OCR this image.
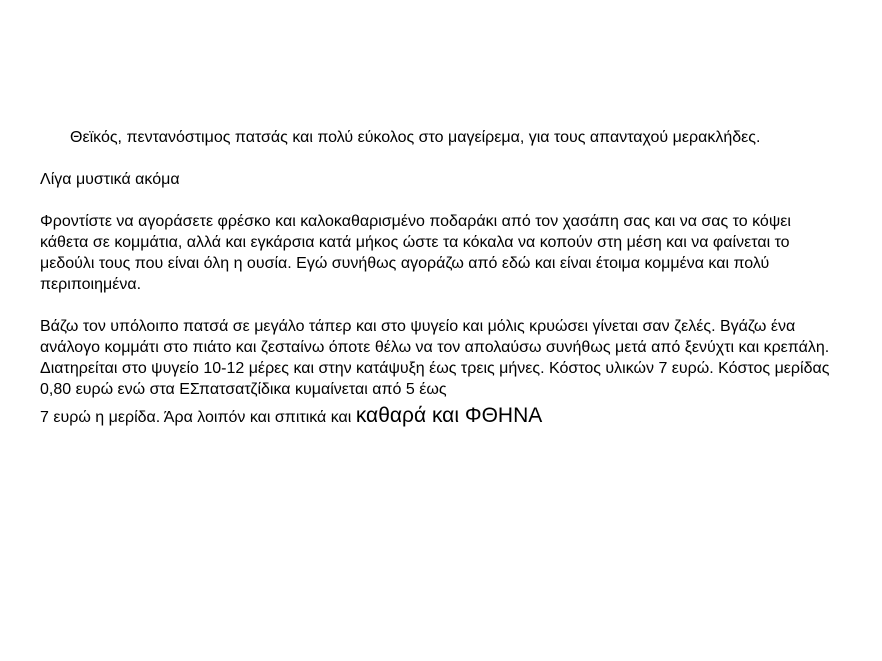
Θεϊκός, πεντανόστιμος πατσάς και πολύ εύκολος στο μαγείρεμα, για τους απανταχού μερακλήδες.

Λίγα μυστικά ακόμα

Φροντίστε να αγοράσετε φρέσκο και καλοκαθαρισμένο ποδαράκι από τον χασάπη σας και να σας το κόψει κάθετα σε κομμάτια, αλλά και εγκάρσια κατά μήκος ώστε τα κόκαλα να κοπούν στη μέση και να φαίνεται το μεδούλι τους που είναι όλη η ουσία. Εγώ συνήθως αγοράζω από εδώ και είναι έτοιμα κομμένα και πολύ περιποιημένα.

Βάζω τον υπόλοιπο πατσά σε μεγάλο τάπερ και στο ψυγείο και μόλις κρυώσει γίνεται σαν ζελές. Βγάζω ένα ανάλογο κομμάτι στο πιάτο και ζεσταίνω όποτε θέλω να τον απολαύσω συνήθως μετά από ξενύχτι και κρεπάλη. Διατηρείται στο ψυγείο 10-12 μέρες και στην κατάψυξη έως τρεις μήνες. Κόστος υλικών 7 ευρώ. Κόστος μερίδας 0,80 ευρώ ενώ στα ΕΣπατσατζίδικα κυμαίνεται από 5 έως

7 ευρώ η μερίδα. Άρα λοιπόν και σπιτικά και καθαρά και ΦΘΗΝΑ
